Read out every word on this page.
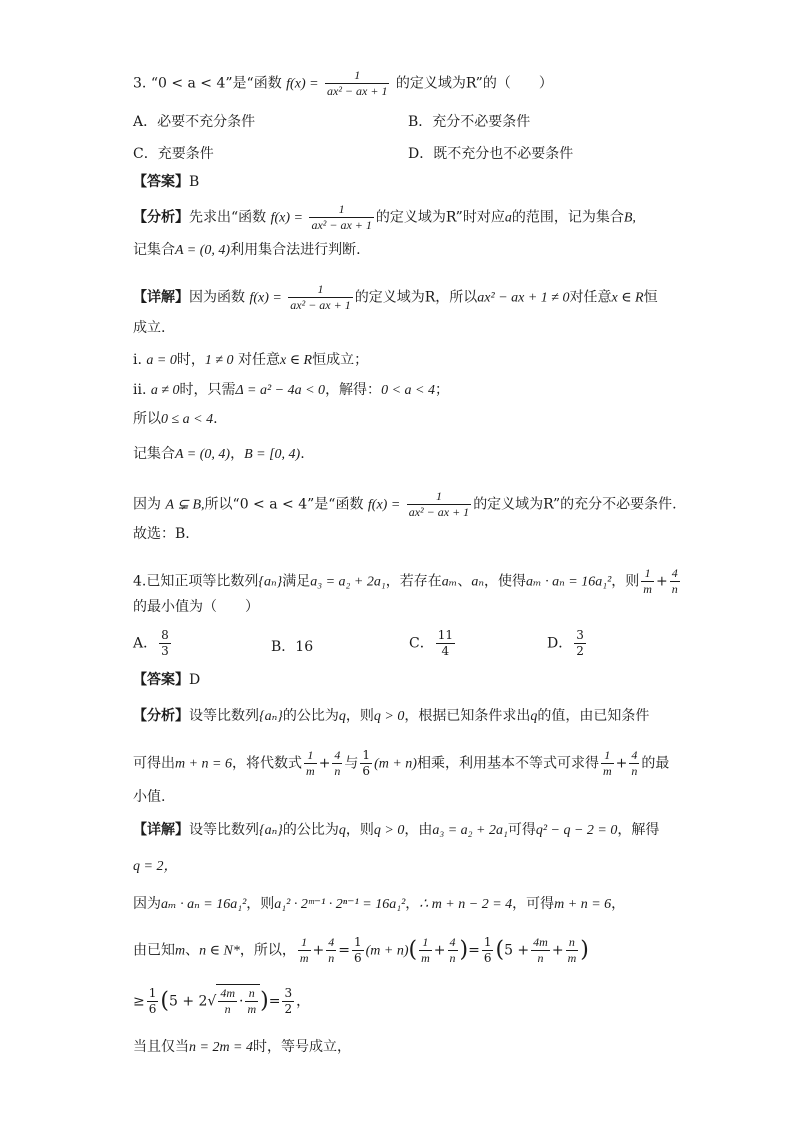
3. “0 < a < 4”是“函数 $f(x) = \frac{1}{\text{ax² − ax + 1}}$ 的定义域为R”的（　　）
A．必要不充分条件	B．充分不必要条件
C．充要条件	D．既不充分也不必要条件
【答案】B
【分析】先求出“函数 $f(x) = \frac{1}{\text{ax² − ax + 1}}$ 的定义域为R”时对应a的范围，记为集合B,
记集合A = (0, 4)利用集合法进行判断.
【详解】因为函数 $f(x) = \frac{1}{\text{ax² − ax + 1}}$ 的定义域为R，所以ax² − ax + 1 ≠ 0对任意x ∈ R恒
成立.
i. a = 0时，1 ≠ 0 对任意x ∈ R恒成立；
ii. a ≠ 0时，只需Δ = a² − 4a < 0，解得：0 < a < 4；
所以0 ≤ a < 4.
记集合A = (0, 4)，B = [0, 4).
因为 A ⊊ B,所以“0 < a < 4”是“函数 $f(x) = \frac{1}{\text{ax² − ax + 1}}$ 的定义域为R”的充分不必要条件.
故选：B.
4.已知正项等比数列{aₙ}满足a₃ = a₂ + 2a₁，若存在aₘ、aₙ，使得aₘ · aₙ = 16a₁²，则 $\frac{1}{m} + \frac{4}{n}$
的最小值为（　　）
A． $\frac{8}{3}$	B．16	C． $\frac{11}{4}$	D． $\frac{3}{2}$
【答案】D
【分析】设等比数列{aₙ}的公比为q，则q > 0，根据已知条件求出q的值，由已知条件
可得出m + n = 6，将代数式 $\frac{1}{m} + \frac{4}{n}$ 与 $\frac{1}{6} (m + n)$相乘，利用基本不等式可求得 $\frac{1}{m} + \frac{4}{n}$ 的最
小值.
【详解】设等比数列{aₙ}的公比为q，则q > 0，由a₃ = a₂ + 2a₁可得q² − q − 2 = 0，解得
q = 2，
因为aₘ · aₙ = 16a₁²，则a₁² · 2ᵐ⁻¹ · 2ⁿ⁻¹ = 16a₁²，∴ m + n − 2 = 4，可得m + n = 6，
由已知m、n ∈ N*，所以， $\frac{1}{m} + \frac{4}{n} = \frac{1}{6} (m + n)( \frac{1}{m} + \frac{4}{n}$ )= $\frac{1}{6} (5 + \frac{4m}{n} + \frac{n}{m}$ )
≥ $\frac{1}{6} (5 + 2√ \frac{4m}{n} \cdot \frac{n}{m}$ )= $\frac{3}{2}$ ，
当且仅当n = 2m = 4时，等号成立，
